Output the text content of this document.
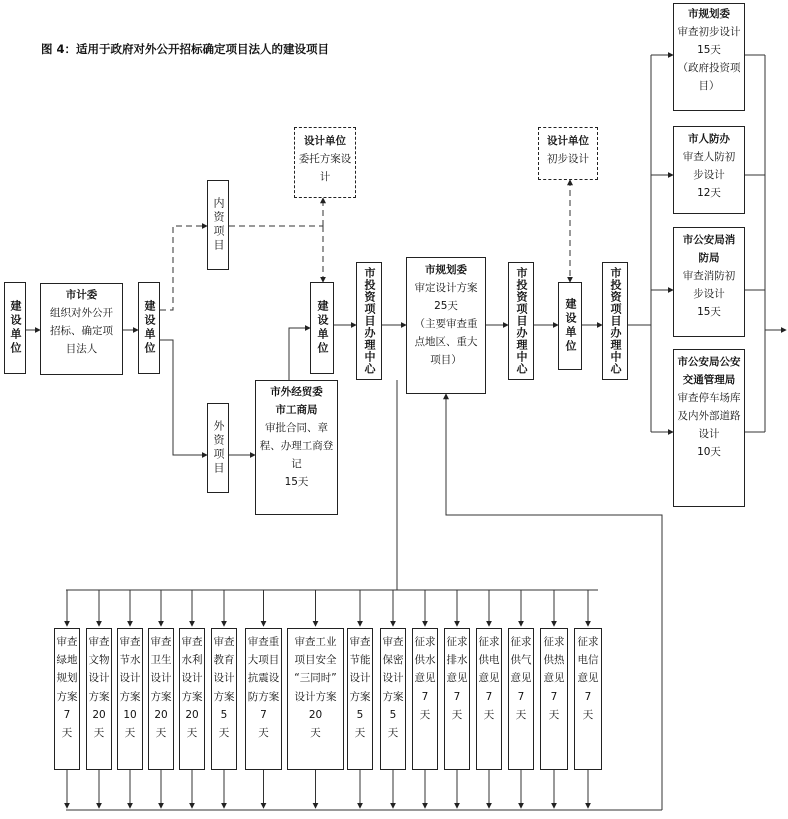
图 4：适用于政府对外公开招标确定项目法人的建设项目
建设单位
市计委
组织对外公开招标、确定项目法人	建设单位
内资项目
外资项目
设计单位
委托方案设计
市外经贸委
市工商局
审批合同、章程、办理工商登记
15天
建设单位	市投资项目办理中心	市规划委
审定设计方案
25天
（主要审查重点地区、重大项目）	市投资项目办理中心
设计单位
初步设计
建设单位	市投资项目办理中心
市规划委
审查初步设计
15天
（政府投资项目）
市人防办
审查人防初步设计
12天
市公安局消防局
审查消防初步设计
15天
市公安局公安交通管理局
审查停车场库及内外部道路设计
10天
审查
绿地
规划
方案
7
天
审查
文物
设计
方案
20
天
审查
节水
设计
方案
10
天
审查
卫生
设计
方案
20
天
审查
水利
设计
方案
20
天
审查
教育
设计
方案
5
天
审查重
大项目
抗震设
防方案
7
天
审查工业
项目安全
“三同时”
设计方案
20
天
审查
节能
设计
方案
5
天
审查
保密
设计
方案
5
天
征求
供水
意见
7
天
征求
排水
意见
7
天
征求
供电
意见
7
天
征求
供气
意见
7
天
征求
供热
意见
7
天
征求
电信
意见
7
天
